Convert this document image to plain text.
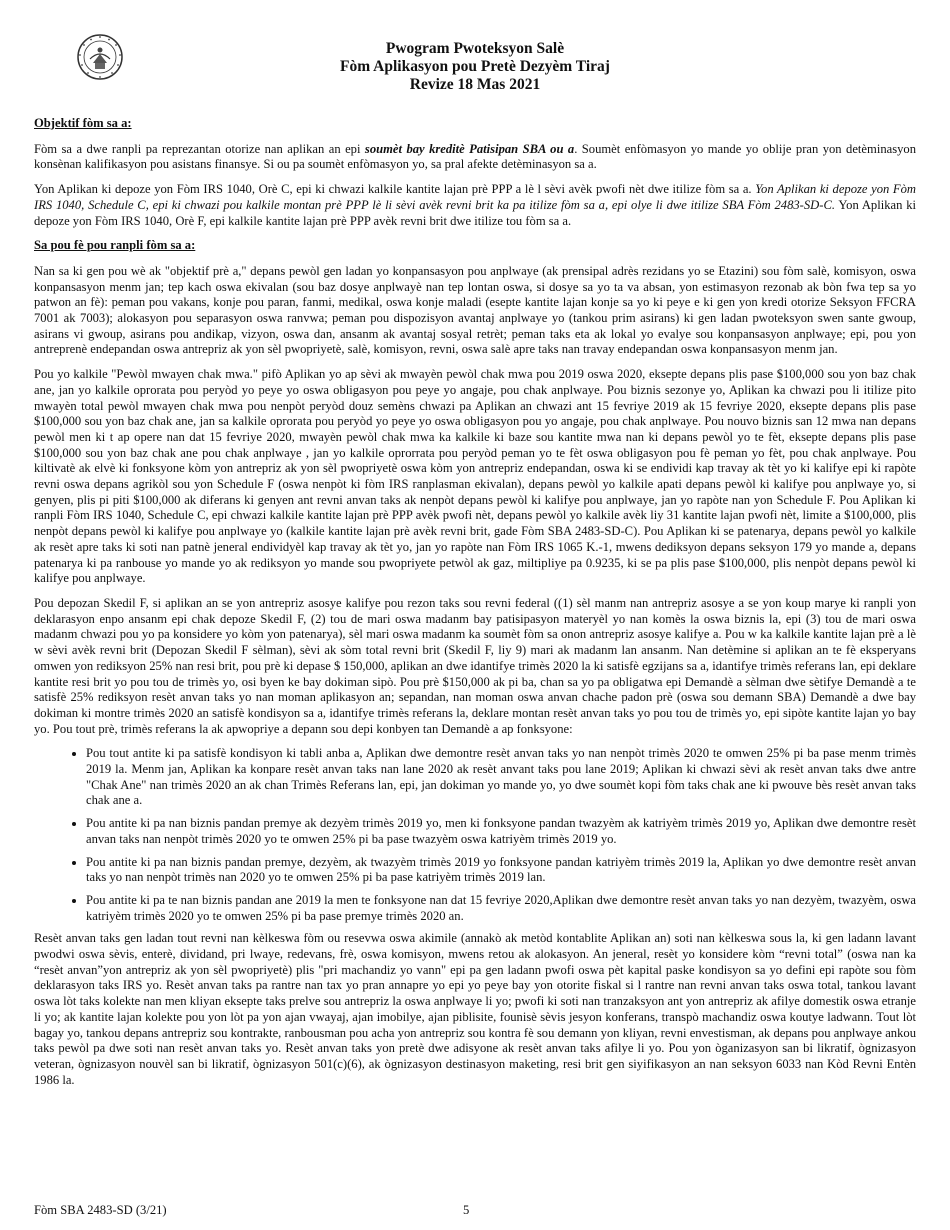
Pwogram Pwoteksyon Salè
Fòm Aplikasyon pou Pretè Dezyèm Tiraj
Revize 18 Mas 2021

Objektif fòm sa a:

Fòm sa a dwe ranpli pa reprezantan otorize nan aplikan an epi soumèt bay kreditè Patisipan SBA ou a. Soumèt enfòmasyon yo mande yo oblije pran yon detèminasyon konsènan kalifikasyon pou asistans finansye. Si ou pa soumèt enfòmasyon yo, sa pral afekte detèminasyon sa a.

Yon Aplikan ki depoze yon Fòm IRS 1040, Orè C, epi ki chwazi kalkile kantite lajan prè PPP a lè l sèvi avèk pwofi nèt dwe itilize fòm sa a. Yon Aplikan ki depoze yon Fòm IRS 1040, Schedule C, epi ki chwazi pou kalkile montan prè PPP lè li sèvi avèk revni brit ka pa itilize fòm sa a, epi olye li dwe itilize SBA Fòm 2483-SD-C. Yon Aplikan ki depoze yon Fòm IRS 1040, Orè F, epi kalkile kantite lajan prè PPP avèk revni brit dwe itilize tou fòm sa a.

Sa pou fè pou ranpli fòm sa a:

Nan sa ki gen pou wè ak "objektif prè a," depans pewòl gen ladan yo konpansasyon pou anplwaye (ak prensipal adrès rezidans yo se Etazini) sou fòm salè, komisyon, oswa konpansasyon menm jan; tep kach oswa ekivalan (sou baz dosye anplwayè nan tep lontan oswa, si dosye sa yo ta va absan, yon estimasyon rezonab ak bòn fwa tep sa yo patwon an fè): peman pou vakans, konje pou paran, fanmi, medikal, oswa konje maladi (esepte kantite lajan konje sa yo ki peye e ki gen yon kredi otorize Seksyon FFCRA 7001 ak 7003); alokasyon pou separasyon oswa ranvwa; peman pou dispozisyon avantaj anplwaye yo (tankou prim asirans) ki gen ladan pwoteksyon swen sante gwoup, asirans vi gwoup, asirans pou andikap, vizyon, oswa dan, ansanm ak avantaj sosyal retrèt; peman taks eta ak lokal yo evalye sou konpansasyon anplwaye; epi, pou yon antreprenè endepandan oswa antrepriz ak yon sèl pwopriyetè, salè, komisyon, revni, oswa salè apre taks nan travay endepandan oswa konpansasyon menm jan.

Pou yo kalkile "Pewòl mwayen chak mwa." pifò Aplikan yo ap sèvi ak mwayèn pewòl chak mwa pou 2019 oswa 2020, eksepte depans plis pase $100,000 sou yon baz chak ane, jan yo kalkile oprorata pou peryòd yo peye yo oswa obligasyon pou peye yo angaje, pou chak anplwaye. Pou biznis sezonye yo, Aplikan ka chwazi pou li itilize pito mwayèn total pewòl mwayen chak mwa pou nenpòt peryòd douz semèns chwazi pa Aplikan an chwazi ant 15 fevriye 2019 ak 15 fevriye 2020, eksepte depans plis pase $100,000 sou yon baz chak ane, jan sa kalkile oprorata pou peryòd yo peye yo oswa obligasyon pou yo angaje, pou chak anplwaye. Pou nouvo biznis san 12 mwa nan depans pewòl men ki t ap opere nan dat 15 fevriye 2020, mwayèn pewòl chak mwa ka kalkile ki baze sou kantite mwa nan ki depans pewòl yo te fèt, eksepte depans plis pase $100,000 sou yon baz chak ane pou chak anplwaye , jan yo kalkile oprorrata pou peryòd peman yo te fèt oswa obligasyon pou fè peman yo fèt, pou chak anplwaye. Pou kiltivatè ak elvè ki fonksyone kòm yon antrepriz ak yon sèl pwopriyetè oswa kòm yon antrepriz endepandan, oswa ki se endividi kap travay ak tèt yo ki kalifye epi ki rapòte revni oswa depans agrikòl sou yon Schedule F (oswa nenpòt ki fòm IRS ranplasman ekivalan), depans pewòl yo kalkile apati depans pewòl ki kalifye pou anplwaye yo, si genyen, plis pi piti $100,000 ak diferans ki genyen ant revni anvan taks ak nenpòt depans pewòl ki kalifye pou anplwaye, jan yo rapòte nan yon Schedule F. Pou Aplikan ki ranpli Fòm IRS 1040, Schedule C, epi chwazi kalkile kantite lajan prè PPP avèk pwofi nèt, depans pewòl yo kalkile avèk liy 31 kantite lajan pwofi nèt, limite a $100,000, plis nenpòt depans pewòl ki kalifye pou anplwaye yo (kalkile kantite lajan prè avèk revni brit, gade Fòm SBA 2483-SD-C). Pou Aplikan ki se patenarya, depans pewòl yo kalkile ak resèt apre taks ki soti nan patnè jeneral endividyèl kap travay ak tèt yo, jan yo rapòte nan Fòm IRS 1065 K.-1, mwens dediksyon depans seksyon 179 yo mande a, depans patenarya ki pa ranbouse yo mande yo ak rediksyon yo mande sou pwopriyete petwòl ak gaz, miltipliye pa 0.9235, ki se pa plis pase $100,000, plis nenpòt depans pewòl ki kalifye pou anplwaye.

Pou depozan Skedil F, si aplikan an se yon antrepriz asosye kalifye pou rezon taks sou revni federal ((1) sèl manm nan antrepriz asosye a se yon koup marye ki ranpli yon deklarasyon enpo ansanm epi chak depoze Skedil F, (2) tou de mari oswa madanm bay patisipasyon materyèl yo nan komès la oswa biznis la, epi (3) tou de mari oswa madanm chwazi pou yo pa konsidere yo kòm yon patenarya), sèl mari oswa madanm ka soumèt fòm sa onon antrepriz asosye kalifye a. Pou w ka kalkile kantite lajan prè a lè w sèvi avèk revni brit (Depozan Skedil F sèlman), sèvi ak sòm total revni brit (Skedil F, liy 9) mari ak madanm lan ansanm. Nan detèmine si aplikan an te fè eksperyans omwen yon rediksyon 25% nan resi brit, pou prè ki depase $ 150,000, aplikan an dwe idantifye trimès 2020 la ki satisfè egzijans sa a, idantifye trimès referans lan, epi deklare kantite resi brit yo pou tou de trimès yo, osi byen ke bay dokiman sipò. Pou prè $150,000 ak pi ba, chan sa yo pa obligatwa epi Demandè a sèlman dwe sètifye Demandè a te satisfè 25% rediksyon resèt anvan taks yo nan moman aplikasyon an; sepandan, nan moman oswa anvan chache padon prè (oswa sou demann SBA) Demandè a dwe bay dokiman ki montre trimès 2020 an satisfè kondisyon sa a, idantifye trimès referans la, deklare montan resèt anvan taks yo pou tou de trimès yo, epi sipòte kantite lajan yo bay yo. Pou tout prè, trimès referans la ak apwopriye a depann sou depi konbyen tan Demandè a ap fonksyone:

• Pou tout antite ki pa satisfè kondisyon ki tabli anba a, Aplikan dwe demontre resèt anvan taks yo nan nenpòt trimès 2020 te omwen 25% pi ba pase menm trimès 2019 la. Menm jan, Aplikan ka konpare resèt anvan taks nan lane 2020 ak resèt anvant taks pou lane 2019; Aplikan ki chwazi sèvi ak resèt anvan taks dwe antre "Chak Ane" nan trimès 2020 an ak chan Trimès Referans lan, epi, jan dokiman yo mande yo, yo dwe soumèt kopi fòm taks chak ane ki pwouve bès resèt anvan taks chak ane a.
• Pou antite ki pa nan biznis pandan premye ak dezyèm trimès 2019 yo, men ki fonksyone pandan twazyèm ak katriyèm trimès 2019 yo, Aplikan dwe demontre resèt anvan taks nan nenpòt trimès 2020 yo te omwen 25% pi ba pase twazyèm oswa katriyèm trimès 2019 yo.
• Pou antite ki pa nan biznis pandan premye, dezyèm, ak twazyèm trimès 2019 yo fonksyone pandan katriyèm trimès 2019 la, Aplikan yo dwe demontre resèt anvan taks yo nan nenpòt trimès nan 2020 yo te omwen 25% pi ba pase katriyèm trimès 2019 lan.
• Pou antite ki pa te nan biznis pandan ane 2019 la men te fonksyone nan dat 15 fevriye 2020,Aplikan dwe demontre resèt anvan taks yo nan dezyèm, twazyèm, oswa katriyèm trimès 2020 yo te omwen 25% pi ba pase premye trimès 2020 an.

Resèt anvan taks gen ladan tout revni nan kèlkeswa fòm ou resevwa oswa akimile (annakò ak metòd kontablite Aplikan an) soti nan kèlkeswa sous la, ki gen ladann lavant pwodwi oswa sèvis, enterè, dividand, pri lwaye, redevans, frè, oswa komisyon, mwens retou ak alokasyon. An jeneral, resèt yo konsidere kòm “revni total” (oswa nan ka “resèt anvan”yon antrepriz ak yon sèl pwopriyetè) plis "pri machandiz yo vann" epi pa gen ladann pwofi oswa pèt kapital paske kondisyon sa yo defini epi rapòte sou fòm deklarasyon taks IRS yo. Resèt anvan taks pa rantre nan tax yo pran annapre yo epi yo peye bay yon otorite fiskal si l rantre nan revni anvan taks oswa total, tankou lavant oswa lòt taks kolekte nan men kliyan eksepte taks prelve sou antrepriz la oswa anplwaye li yo; pwofi ki soti nan tranzaksyon ant yon antrepriz ak afilye domestik oswa etranje li yo; ak kantite lajan kolekte pou yon lòt pa yon ajan vwayaj, ajan imobilye, ajan piblisite, founisè sèvis jesyon konferans, transpò machandiz oswa koutye ladwann. Tout lòt bagay yo, tankou depans antrepriz sou kontrakte, ranbousman pou acha yon antrepriz sou kontra fè sou demann yon kliyan, revni envestisman, ak depans pou anplwaye ankou taks pewòl pa dwe soti nan resèt anvan taks yo. Resèt anvan taks yon pretè dwe adisyone ak resèt anvan taks afilye li yo. Pou yon òganizasyon san bi likratif, ògnizasyon veteran, ògnizasyon nouvèl san bi likratif, ògnizasyon 501(c)(6), ak ògnizasyon destinasyon maketing, resi brit gen siyifikasyon an nan seksyon 6033 nan Kòd Revni Entèn 1986 la.

Fòm SBA 2483-SD (3/21)	5
